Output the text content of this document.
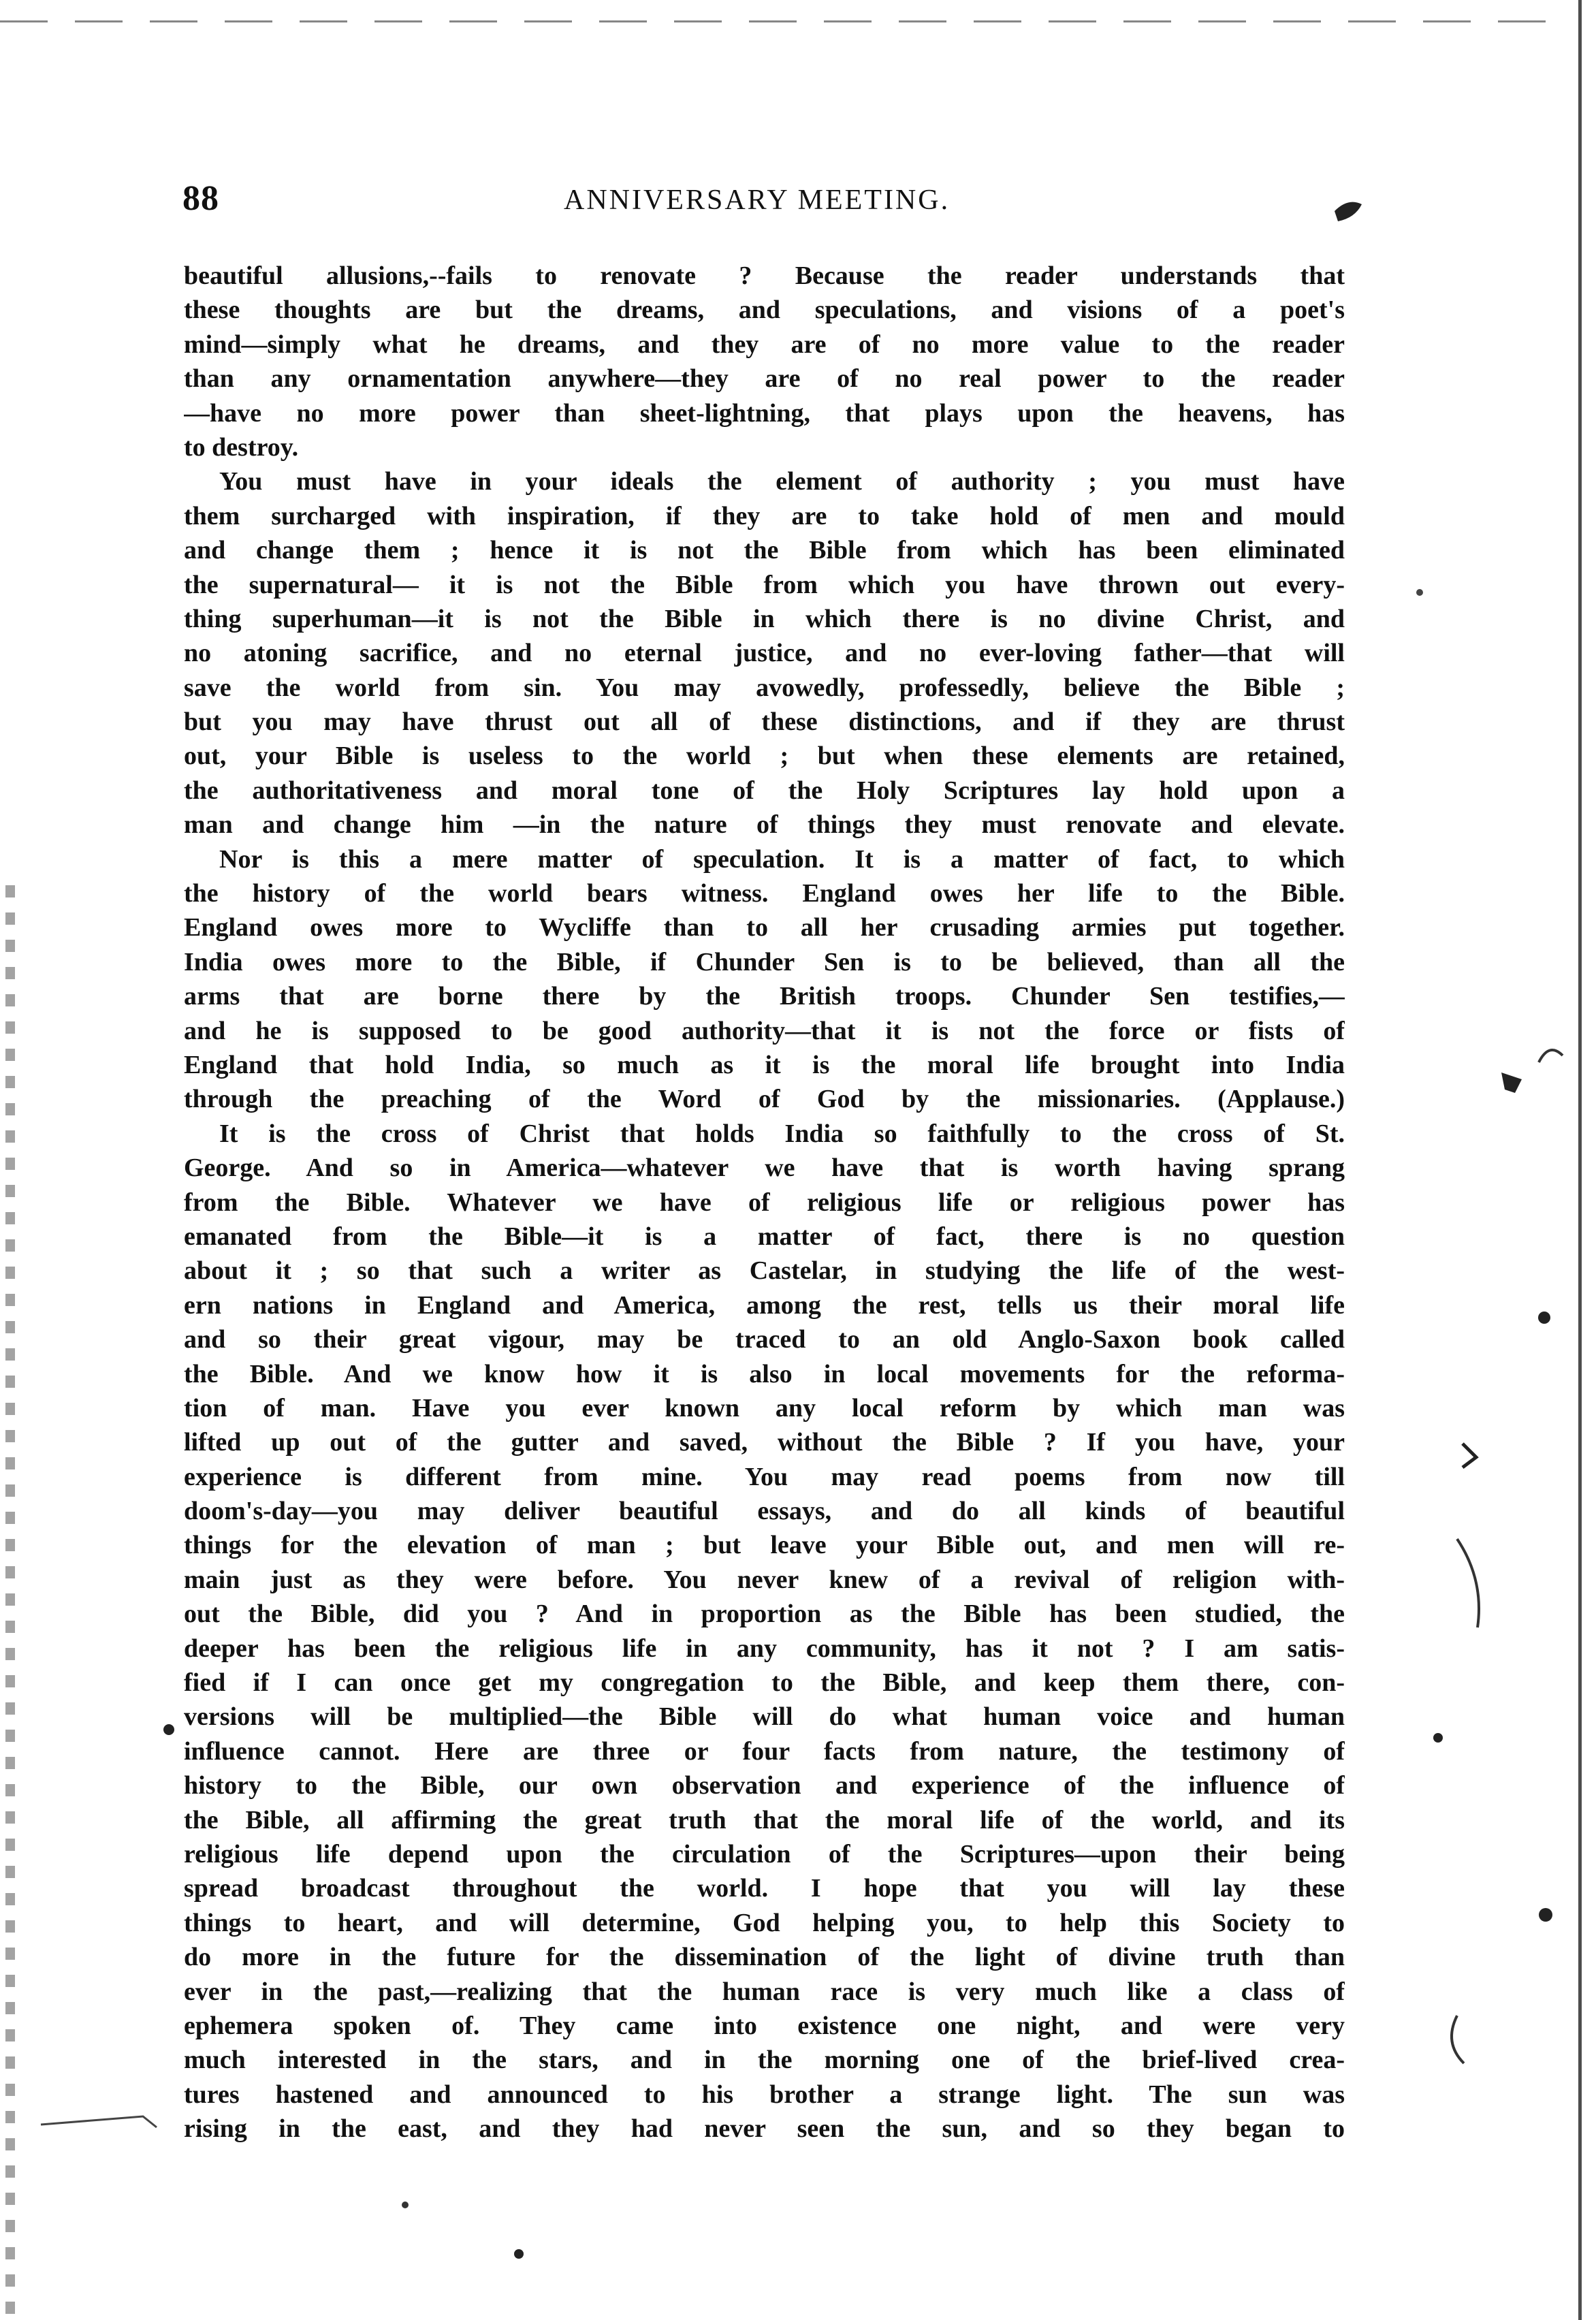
88	ANNIVERSARY MEETING.
beautiful allusions,--fails to renovate ? Because the reader understands that
these thoughts are but the dreams, and speculations, and visions of a poet's
mind—simply what he dreams, and they are of no more value to the reader
than any ornamentation anywhere—they are of no real power to the reader
—have no more power than sheet-lightning, that plays upon the heavens, has
to destroy.
You must have in your ideals the element of authority ; you must have
them surcharged with inspiration, if they are to take hold of men and mould
and change them ; hence it is not the Bible from which has been eliminated
the supernatural— it is not the Bible from which you have thrown out every-
thing superhuman—it is not the Bible in which there is no divine Christ, and
no atoning sacrifice, and no eternal justice, and no ever-loving father—that will
save the world from sin. You may avowedly, professedly, believe the Bible ;
but you may have thrust out all of these distinctions, and if they are thrust
out, your Bible is useless to the world ; but when these elements are retained,
the authoritativeness and moral tone of the Holy Scriptures lay hold upon a
man and change him —in the nature of things they must renovate and elevate.
Nor is this a mere matter of speculation. It is a matter of fact, to which
the history of the world bears witness. England owes her life to the Bible.
England owes more to Wycliffe than to all her crusading armies put together.
India owes more to the Bible, if Chunder Sen is to be believed, than all the
arms that are borne there by the British troops. Chunder Sen testifies,—
and he is supposed to be good authority—that it is not the force or fists of
England that hold India, so much as it is the moral life brought into India
through the preaching of the Word of God by the missionaries. (Applause.)
It is the cross of Christ that holds India so faithfully to the cross of St.
George. And so in America—whatever we have that is worth having sprang
from the Bible. Whatever we have of religious life or religious power has
emanated from the Bible—it is a matter of fact, there is no question
about it ; so that such a writer as Castelar, in studying the life of the west-
ern nations in England and America, among the rest, tells us their moral life
and so their great vigour, may be traced to an old Anglo-Saxon book called
the Bible. And we know how it is also in local movements for the reforma-
tion of man. Have you ever known any local reform by which man was
lifted up out of the gutter and saved, without the Bible ? If you have, your
experience is different from mine. You may read poems from now till
doom's-day—you may deliver beautiful essays, and do all kinds of beautiful
things for the elevation of man ; but leave your Bible out, and men will re-
main just as they were before. You never knew of a revival of religion with-
out the Bible, did you ? And in proportion as the Bible has been studied, the
deeper has been the religious life in any community, has it not ? I am satis-
fied if I can once get my congregation to the Bible, and keep them there, con-
versions will be multiplied—the Bible will do what human voice and human
influence cannot. Here are three or four facts from nature, the testimony of
history to the Bible, our own observation and experience of the influence of
the Bible, all affirming the great truth that the moral life of the world, and its
religious life depend upon the circulation of the Scriptures—upon their being
spread broadcast throughout the world. I hope that you will lay these
things to heart, and will determine, God helping you, to help this Society to
do more in the future for the dissemination of the light of divine truth than
ever in the past,—realizing that the human race is very much like a class of
ephemera spoken of. They came into existence one night, and were very
much interested in the stars, and in the morning one of the brief-lived crea-
tures hastened and announced to his brother a strange light. The sun was
rising in the east, and they had never seen the sun, and so they began to
